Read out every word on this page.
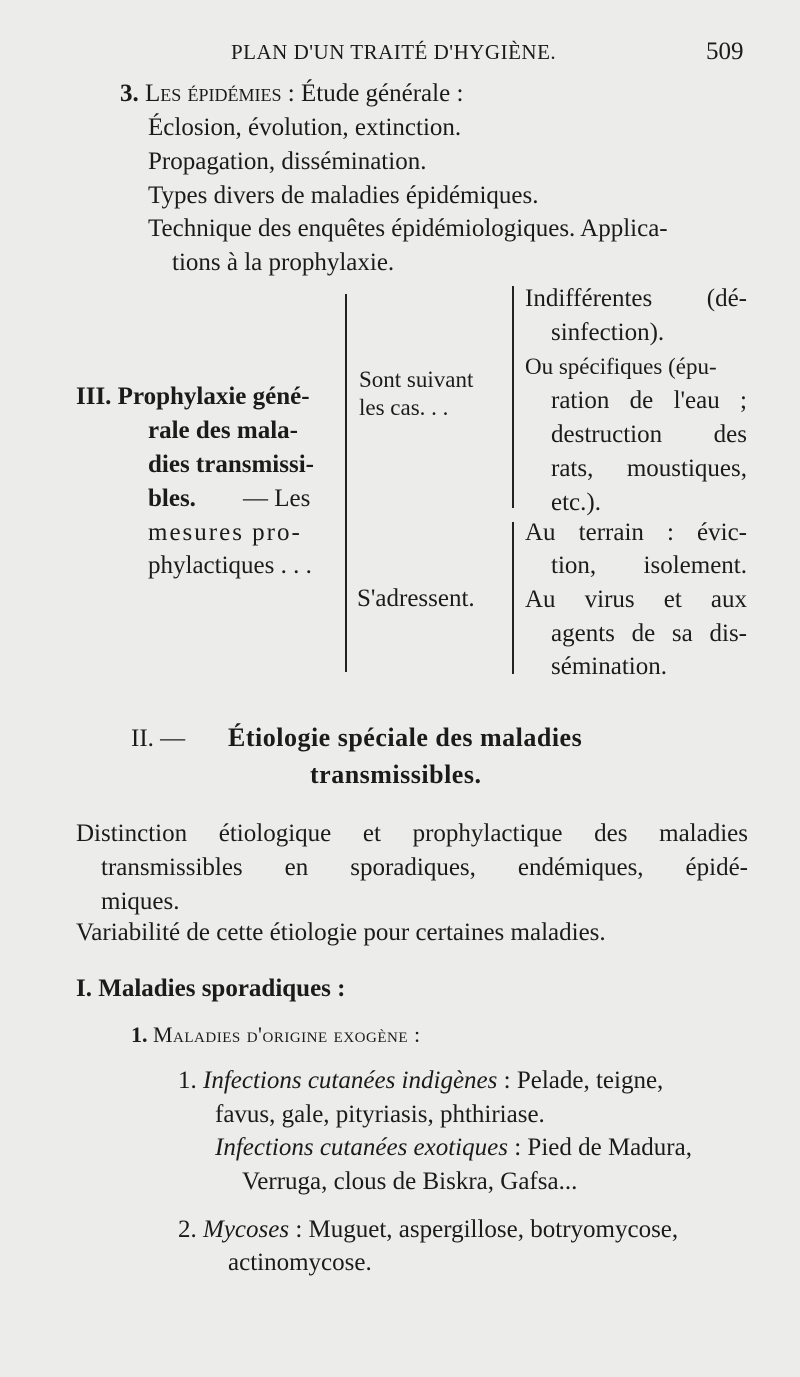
PLAN D'UN TRAITÉ D'HYGIÈNE.	509
3. Les épidémies : Étude générale :
Éclosion, évolution, extinction.
Propagation, dissémination.
Types divers de maladies épidémiques.
Technique des enquêtes épidémiologiques. Applica-
tions à la prophylaxie.
III. Prophylaxie géné-
rale des mala-
dies transmissi-
bles. — Les
mesures pro-
phylactiques . . .
Sont suivant
les cas. . .
S'adressent.
Indifférentes (dé-
sinfection).
Ou spécifiques (épu-
ration de l'eau ;
destruction des
rats, moustiques,
etc.).
Au terrain : évic-
tion, isolement.
Au virus et aux
agents de sa dis-
sémination.
II. — Étiologie spéciale des maladies
transmissibles.
Distinction étiologique et prophylactique des maladies
transmissibles en sporadiques, endémiques, épidé-
miques.
Variabilité de cette étiologie pour certaines maladies.
I. Maladies sporadiques :
1. Maladies d'origine exogène :
1. Infections cutanées indigènes : Pelade, teigne,
favus, gale, pityriasis, phthiriase.
Infections cutanées exotiques : Pied de Madura,
Verruga, clous de Biskra, Gafsa...
2. Mycoses : Muguet, aspergillose, botryomycose,
actinomycose.
